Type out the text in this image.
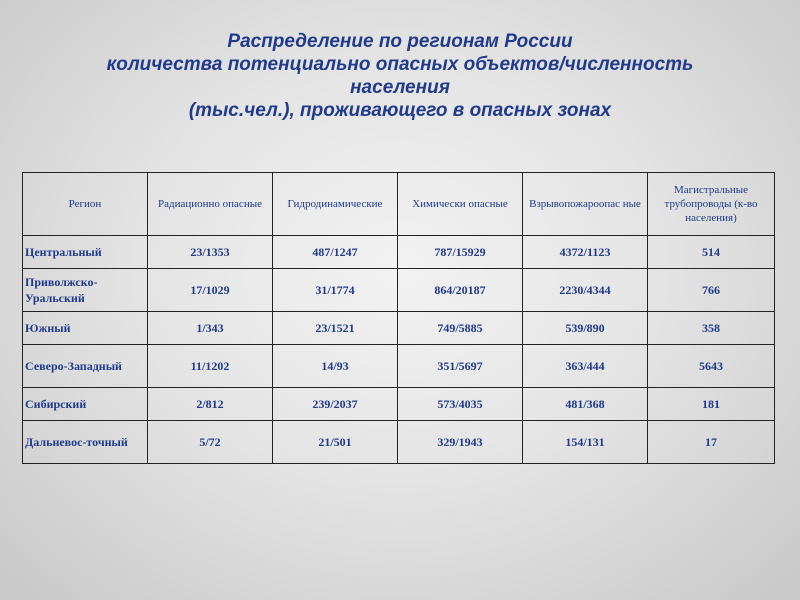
Распределение по регионам России
количества потенциально опасных объектов/численность
населения
(тыс.чел.), проживающего в опасных зонах
Регион	Радиационно опасные	Гидродинамические	Химически опасные	Взрывопожароопас ные	Магистральные трубопроводы (к-во населения)
Центральный	23/1353	487/1247	787/15929	4372/1123	514
Приволжско-Уральский	17/1029	31/1774	864/20187	2230/4344	766
Южный	1/343	23/1521	749/5885	539/890	358
Северо-Западный	11/1202	14/93	351/5697	363/444	5643
Сибирский	2/812	239/2037	573/4035	481/368	181
Дальневос-точный	5/72	21/501	329/1943	154/131	17
